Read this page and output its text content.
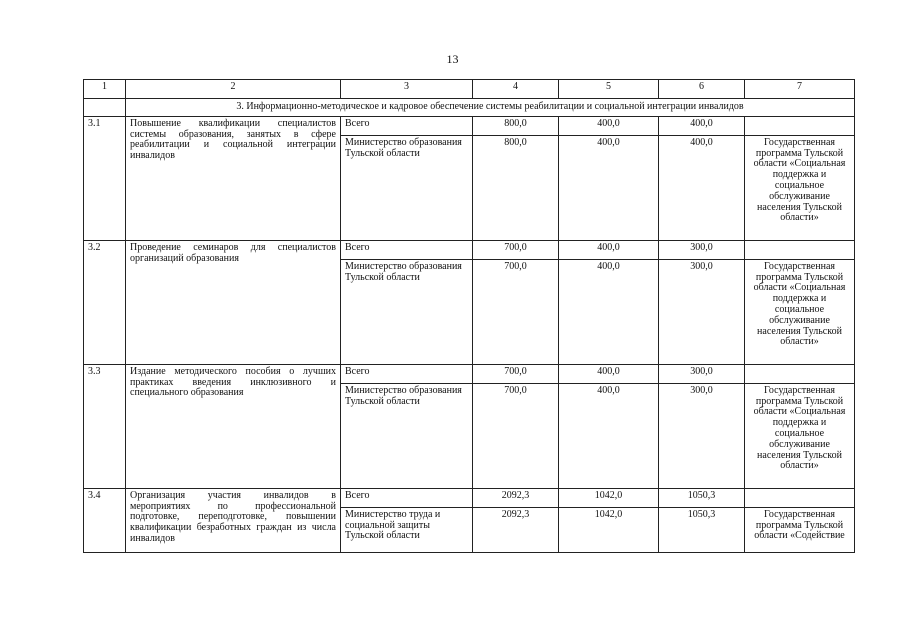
13
1	2	3	4	5	6	7
	3. Информационно-методическое и кадровое обеспечение системы реабилитации и социальной интеграции инвалидов					
3.1	Повышение квалификации специалистов системы образования, занятых в сфере реабилитации и социальной интеграции инвалидов	Всего	800,0	400,0	400,0	
		Министерство образования Тульской области	800,0	400,0	400,0	Государственная программа Тульской области «Социальная поддержка и социальное обслуживание населения Тульской области»
3.2	Проведение семинаров для специалистов организаций образования	Всего	700,0	400,0	300,0	
		Министерство образования Тульской области	700,0	400,0	300,0	Государственная программа Тульской области «Социальная поддержка и социальное обслуживание населения Тульской области»
3.3	Издание методического пособия о лучших практиках введения инклюзивного и специального образования	Всего	700,0	400,0	300,0	
		Министерство образования Тульской области	700,0	400,0	300,0	Государственная программа Тульской области «Социальная поддержка и социальное обслуживание населения Тульской области»
3.4	Организация участия инвалидов в мероприятиях по профессиональной подготовке, переподготовке, повышении квалификации безработных граждан из числа инвалидов	Всего	2092,3	1042,0	1050,3	
		Министерство труда и социальной защиты Тульской области	2092,3	1042,0	1050,3	Государственная программа Тульской области «Содействие
